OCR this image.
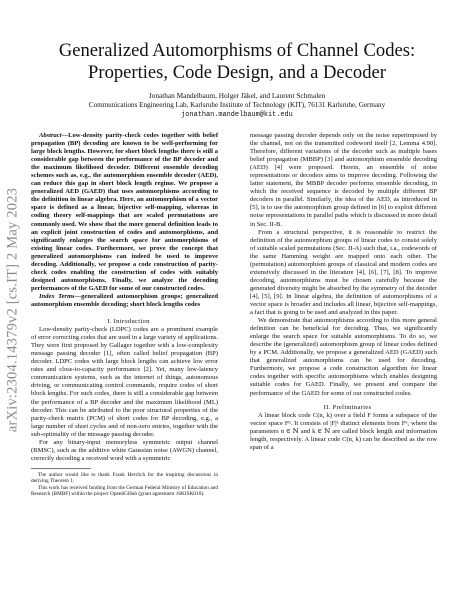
arXiv:2304.14379v2 [cs.IT] 2 May 2023
Generalized Automorphisms of Channel Codes: Properties, Code Design, and a Decoder
Jonathan Mandelbaum, Holger Jäkel, and Laurent Schmalen
Communications Engineering Lab, Karlsruhe Institute of Technology (KIT), 76131 Karlsruhe, Germany
jonathan.mandelbaum@kit.edu

Abstract—Low-density parity-check codes together with belief propagation (BP) decoding are known to be well-performing for large block lengths. However, for short block lengths there is still a considerable gap between the performance of the BP decoder and the maximum likelihood decoder. Different ensemble decoding schemes such as, e.g., the automorphism ensemble decoder (AED), can reduce this gap in short block length regime. We propose a generalized AED (GAED) that uses automorphisms according to the definition in linear algebra. Here, an automorphism of a vector space is defined as a linear, bijective self-mapping, whereas in coding theory self-mappings that are scaled permutations are commonly used. We show that the more general definition leads to an explicit joint construction of codes and automorphisms, and significantly enlarges the search space for automorphisms of existing linear codes. Furthermore, we prove the concept that generalized automorphisms can indeed be used to improve decoding. Additionally, we propose a code construction of parity-check codes enabling the construction of codes with suitably designed automorphisms. Finally, we analyze the decoding performances of the GAED for some of our constructed codes.

Index Terms—generalized automorphism groups; generalized automorphism ensemble decoding; short block lengths codes

I. Introduction

Low-density parity-check (LDPC) codes are a prominent example of error correcting codes that are used in a large variety of applications. They were first proposed by Gallager together with a low-complexity message passing decoder [1], often called belief propagation (BP) decoder. LDPC codes with large block lengths can achieve low error rates and close-to-capacity performance [2]. Yet, many low-latency communication systems, such as the internet of things, autonomous driving, or communicating control commands, require codes of short block lengths. For such codes, there is still a considerable gap between the performance of a BP decoder and the maximum likelihood (ML) decoder. This can be attributed to the poor structural properties of the parity-check matrix (PCM) of short codes for BP decoding, e.g., a large number of short cycles and of non-zero entries, together with the sub-optimality of the message passing decoder.

For any binary-input memoryless symmetric output channel (BMSC), such as the additive white Gaussian noise (AWGN) channel, correctly decoding a received word with a symmetric

The author would like to thank Frank Herrlich for the inspiring discussions in deriving Theorem 1.

This work has received funding from the German Federal Ministry of Education and Research (BMBF) within the project Open6GHub (grant agreement 16KISK010).

message passing decoder depends only on the noise superimposed by the channel, not on the transmitted codeword itself [2, Lemma 4.90]. Therefore, different variations of the decoder such as multiple bases belief propagation (MBBP) [3] and automorphism ensemble decoding (AED) [4] were proposed. Herein, an ensemble of noise representations or decoders aims to improve decoding. Following the latter statement, the MBBP decoder performs ensemble decoding, in which the received sequence is decoded by multiple different BP decoders in parallel. Similarly, the idea of the AED, as introduced in [5], is to use the automorphism group defined in [6] to exploit different noise representations in parallel paths which is discussed in more detail in Sec. II-B.

From a structural perspective, it is reasonable to restrict the definition of the automorphism groups of linear codes to consist solely of suitable scaled permutations (Sec. II-A) such that, i.a., codewords of the same Hamming weight are mapped onto each other. The (permutation) automorphism groups of classical and modern codes are extensively discussed in the literature [4], [6], [7], [8]. To improve decoding, automorphisms must be chosen carefully because the generated diversity might be absorbed by the symmetry of the decoder [4], [5], [9]. In linear algebra, the definition of automorphisms of a vector space is broader and includes all linear, bijective self-mappings, a fact that is going to be used and analyzed in this paper.

We demonstrate that automorphisms according to this more general definition can be beneficial for decoding. Thus, we significantly enlarge the search space for suitable automorphisms. To do so, we describe the (generalized) automorphism group of linear codes defined by a PCM. Additionally, we propose a generalized AED (GAED) such that generalized automorphisms can be used for decoding. Furthermore, we propose a code construction algorithm for linear codes together with specific automorphisms which enables designing suitable codes for GAED. Finally, we present and compare the performance of the GAED for some of our constructed codes.

II. Preliminaries

A linear block code C(n, k) over a field F forms a subspace of the vector space Fⁿ. It consists of |F|ᵏ distinct elements from Fⁿ, where the parameters n ∈ ℕ and k ∈ ℕ are called block length and information length, respectively. A linear code C(n, k) can be described as the row span of a
